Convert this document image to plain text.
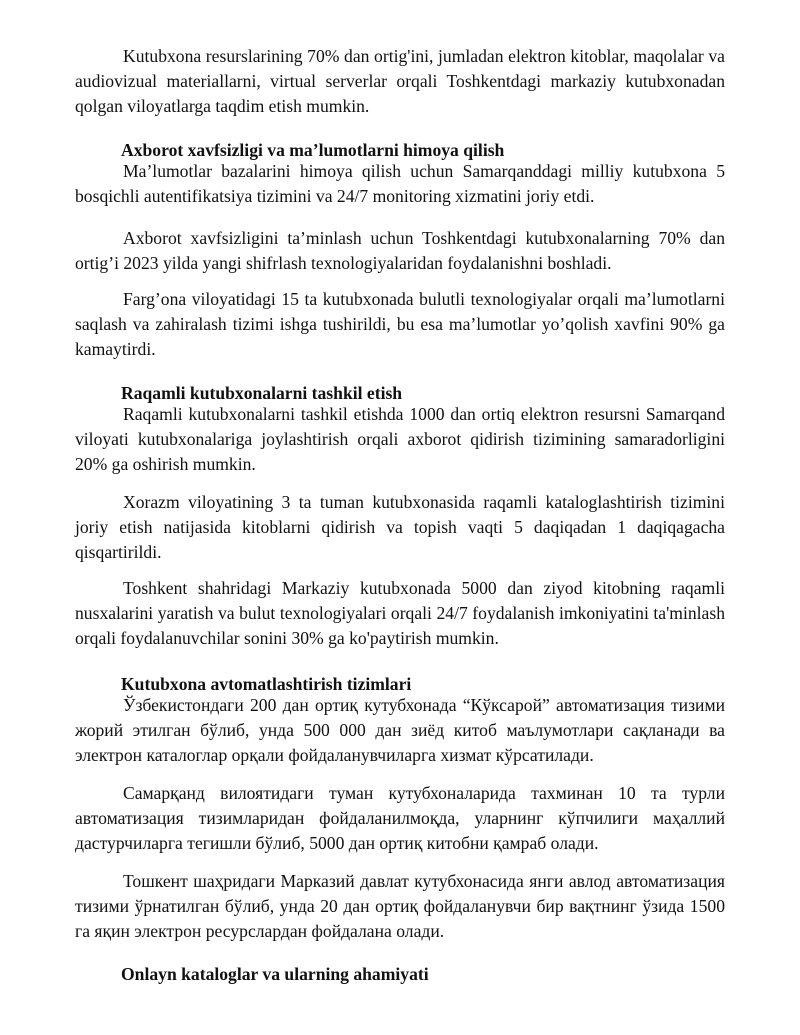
Kutubxona resurslarining 70% dan ortig'ini, jumladan elektron kitoblar, maqolalar va audiovizual materiallarni, virtual serverlar orqali Toshkentdagi markaziy kutubxonadan qolgan viloyatlarga taqdim etish mumkin.

Axborot xavfsizligi va ma’lumotlarni himoya qilish

Ma’lumotlar bazalarini himoya qilish uchun Samarqanddagi milliy kutubxona 5 bosqichli autentifikatsiya tizimini va 24/7 monitoring xizmatini joriy etdi.

Axborot xavfsizligini ta’minlash uchun Toshkentdagi kutubxonalarning 70% dan ortig’i 2023 yilda yangi shifrlash texnologiyalaridan foydalanishni boshladi.

Farg’ona viloyatidagi 15 ta kutubxonada bulutli texnologiyalar orqali ma’lumotlarni saqlash va zahiralash tizimi ishga tushirildi, bu esa ma’lumotlar yo’qolish xavfini 90% ga kamaytirdi.

Raqamli kutubxonalarni tashkil etish

Raqamli kutubxonalarni tashkil etishda 1000 dan ortiq elektron resursni Samarqand viloyati kutubxonalariga joylashtirish orqali axborot qidirish tizimining samaradorligini 20% ga oshirish mumkin.

Xorazm viloyatining 3 ta tuman kutubxonasida raqamli kataloglashtirish tizimini joriy etish natijasida kitoblarni qidirish va topish vaqti 5 daqiqadan 1 daqiqagacha qisqartirildi.

Toshkent shahridagi Markaziy kutubxonada 5000 dan ziyod kitobning raqamli nusxalarini yaratish va bulut texnologiyalari orqali 24/7 foydalanish imkoniyatini ta'minlash orqali foydalanuvchilar sonini 30% ga ko'paytirish mumkin.

Kutubxona avtomatlashtirish tizimlari

Ўзбекистондаги 200 дан ортиқ кутубхонада “Кўксарой” автоматизация тизими жорий этилган бўлиб, унда 500 000 дан зиёд китоб маълумотлари сақланади ва электрон каталоглар орқали фойдаланувчиларга хизмат кўрсатилади.

Самарқанд вилоятидаги туман кутубхоналарида тахминан 10 та турли автоматизация тизимларидан фойдаланилмоқда, уларнинг кўпчилиги маҳаллий дастурчиларга тегишли бўлиб, 5000 дан ортиқ китобни қамраб олади.

Тошкент шаҳридаги Марказий давлат кутубхонасида янги авлод автоматизация тизими ўрнатилган бўлиб, унда 20 дан ортиқ фойдаланувчи бир вақтнинг ўзида 1500 га яқин электрон ресурслардан фойдалана олади.

Onlayn kataloglar va ularning ahamiyati
